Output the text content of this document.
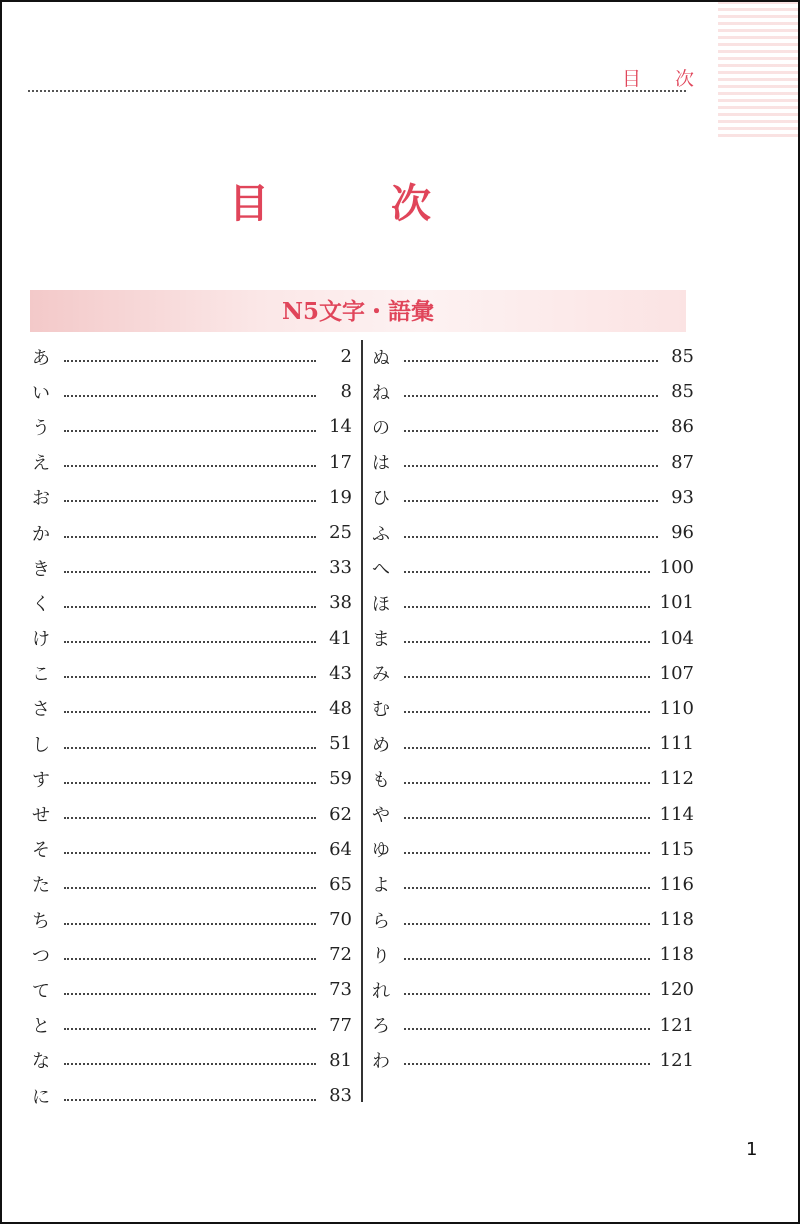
目 次
目 次
N5文字・語彙
あ	2
い	8
う	14
え	17
お	19
か	25
き	33
く	38
け	41
こ	43
さ	48
し	51
す	59
せ	62
そ	64
た	65
ち	70
つ	72
て	73
と	77
な	81
に	83
ぬ	85
ね	85
の	86
は	87
ひ	93
ふ	96
へ	100
ほ	101
ま	104
み	107
む	110
め	111
も	112
や	114
ゆ	115
よ	116
ら	118
り	118
れ	120
ろ	121
わ	121
1
